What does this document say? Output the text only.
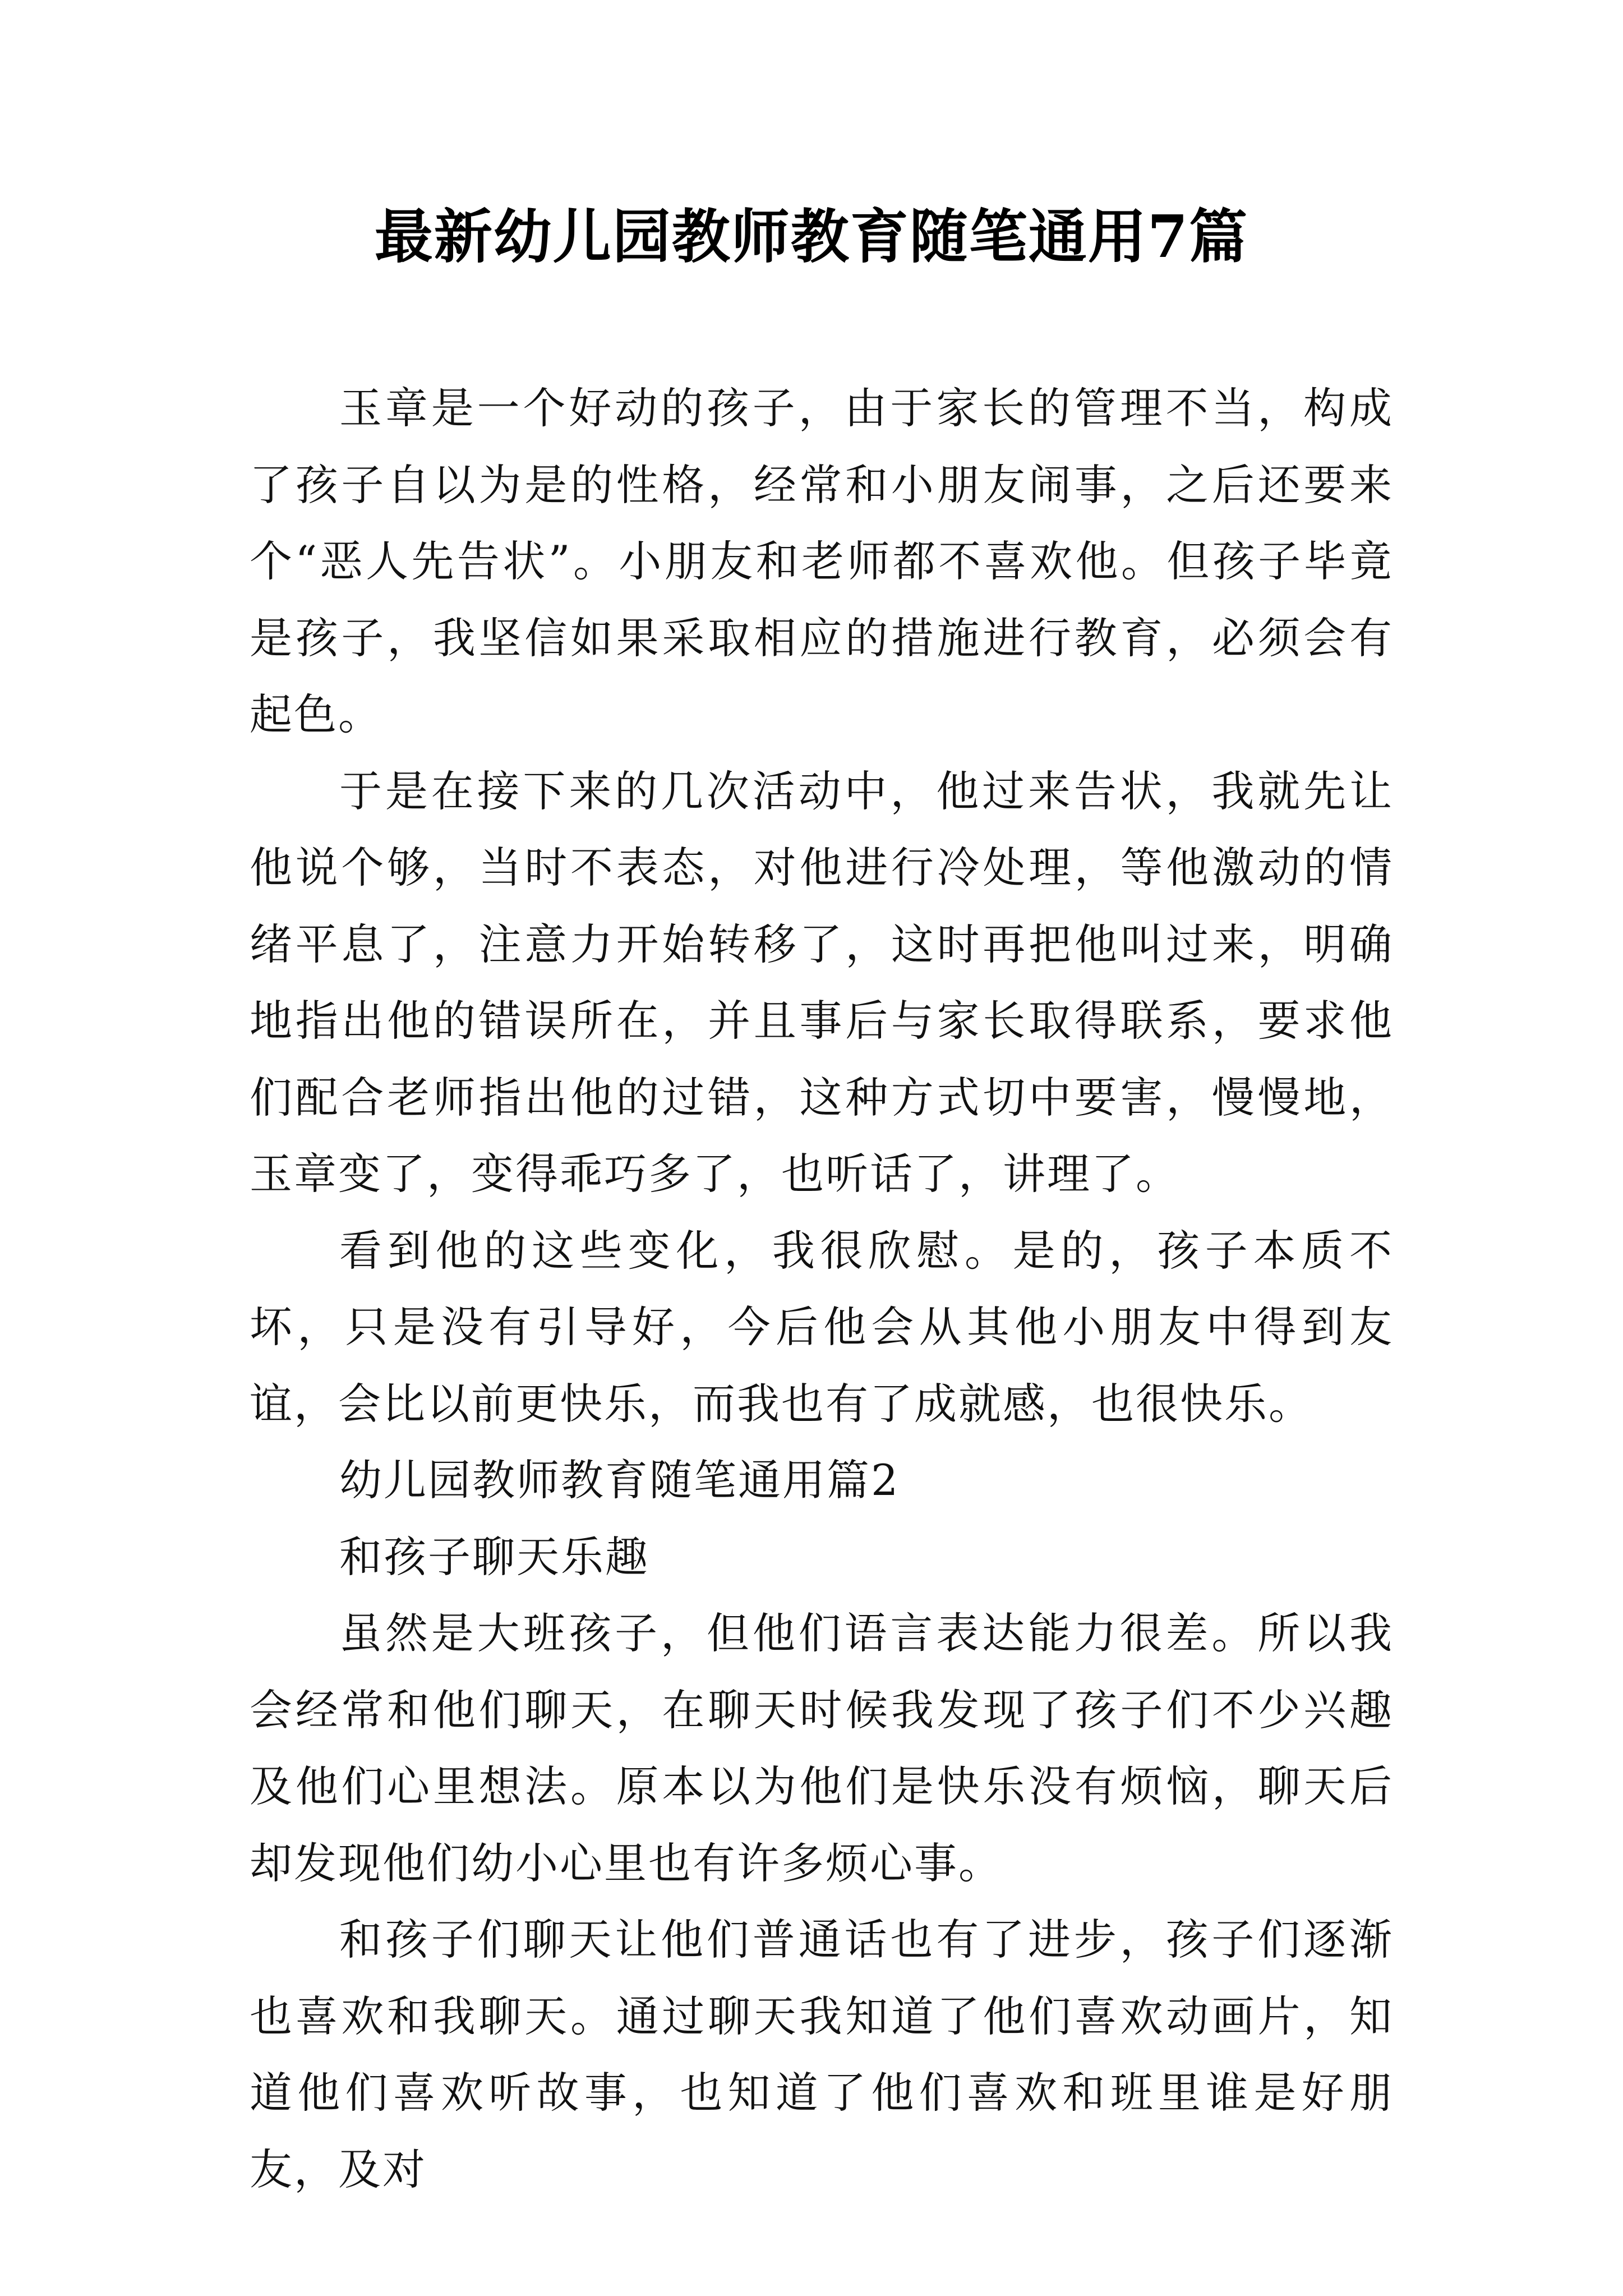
最新幼儿园教师教育随笔通用7篇

玉章是一个好动的孩子，由于家长的管理不当，构成了孩子自以为是的性格，经常和小朋友闹事，之后还要来个“恶人先告状”。小朋友和老师都不喜欢他。但孩子毕竟是孩子，我坚信如果采取相应的措施进行教育，必须会有起色。

于是在接下来的几次活动中，他过来告状，我就先让他说个够，当时不表态，对他进行冷处理，等他激动的情绪平息了，注意力开始转移了，这时再把他叫过来，明确地指出他的错误所在，并且事后与家长取得联系，要求他们配合老师指出他的过错，这种方式切中要害，慢慢地，玉章变了，变得乖巧多了，也听话了，讲理了。

看到他的这些变化，我很欣慰。是的，孩子本质不坏，只是没有引导好，今后他会从其他小朋友中得到友谊，会比以前更快乐，而我也有了成就感，也很快乐。

幼儿园教师教育随笔通用篇2

和孩子聊天乐趣

虽然是大班孩子，但他们语言表达能力很差。所以我会经常和他们聊天，在聊天时候我发现了孩子们不少兴趣及他们心里想法。原本以为他们是快乐没有烦恼，聊天后却发现他们幼小心里也有许多烦心事。

和孩子们聊天让他们普通话也有了进步，孩子们逐渐也喜欢和我聊天。通过聊天我知道了他们喜欢动画片，知道他们喜欢听故事，也知道了他们喜欢和班里谁是好朋友，及对
